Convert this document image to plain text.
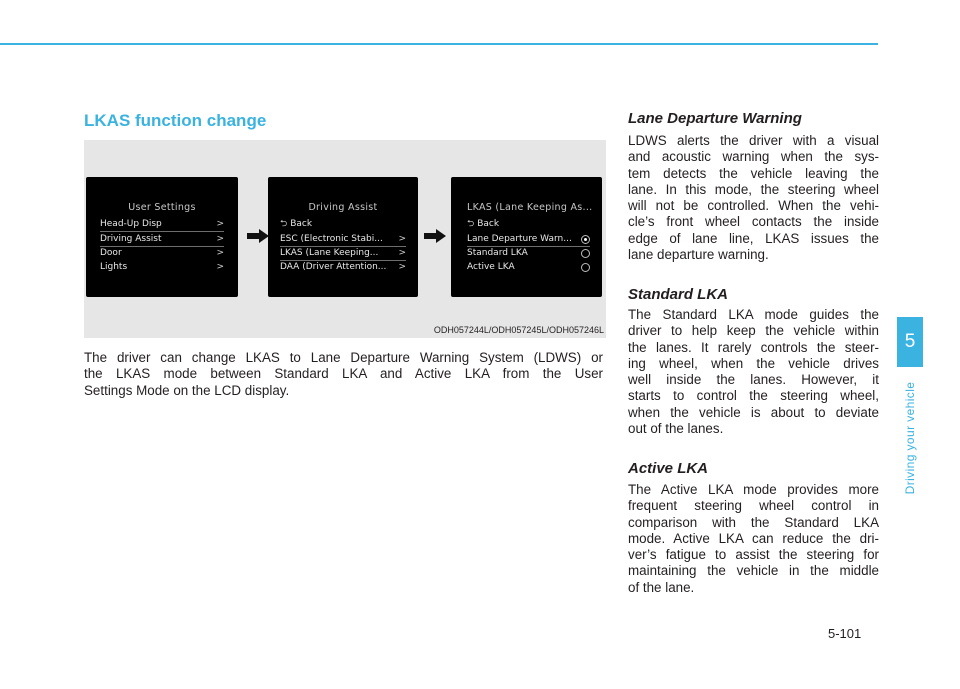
LKAS function change
User Settings
Head-Up Disp	>
Driving Assist	>
Door	>
Lights	>
Driving Assist
⮌ Back
ESC (Electronic Stabi... >
LKAS (Lane Keeping... >
DAA (Driver Attention... >
LKAS (Lane Keeping As...
⮌ Back
Lane Departure Warn...
Standard LKA
Active LKA
ODH057244L/ODH057245L/ODH057246L
The driver can change LKAS to Lane Departure Warning System (LDWS) or
the LKAS mode between Standard LKA and Active LKA from the User
Settings Mode on the LCD display.
Lane Departure Warning
LDWS alerts the driver with a visual
and acoustic warning when the sys-
tem detects the vehicle leaving the
lane. In this mode, the steering wheel
will not be controlled. When the vehi-
cle’s front wheel contacts the inside
edge of lane line, LKAS issues the
lane departure warning.
Standard LKA
The Standard LKA mode guides the
driver to help keep the vehicle within
the lanes. It rarely controls the steer-
ing wheel, when the vehicle drives
well inside the lanes. However, it
starts to control the steering wheel,
when the vehicle is about to deviate
out of the lanes.
Active LKA
The Active LKA mode provides more
frequent steering wheel control in
comparison with the Standard LKA
mode. Active LKA can reduce the dri-
ver’s fatigue to assist the steering for
maintaining the vehicle in the middle
of the lane.
5
Driving your vehicle
5-101
